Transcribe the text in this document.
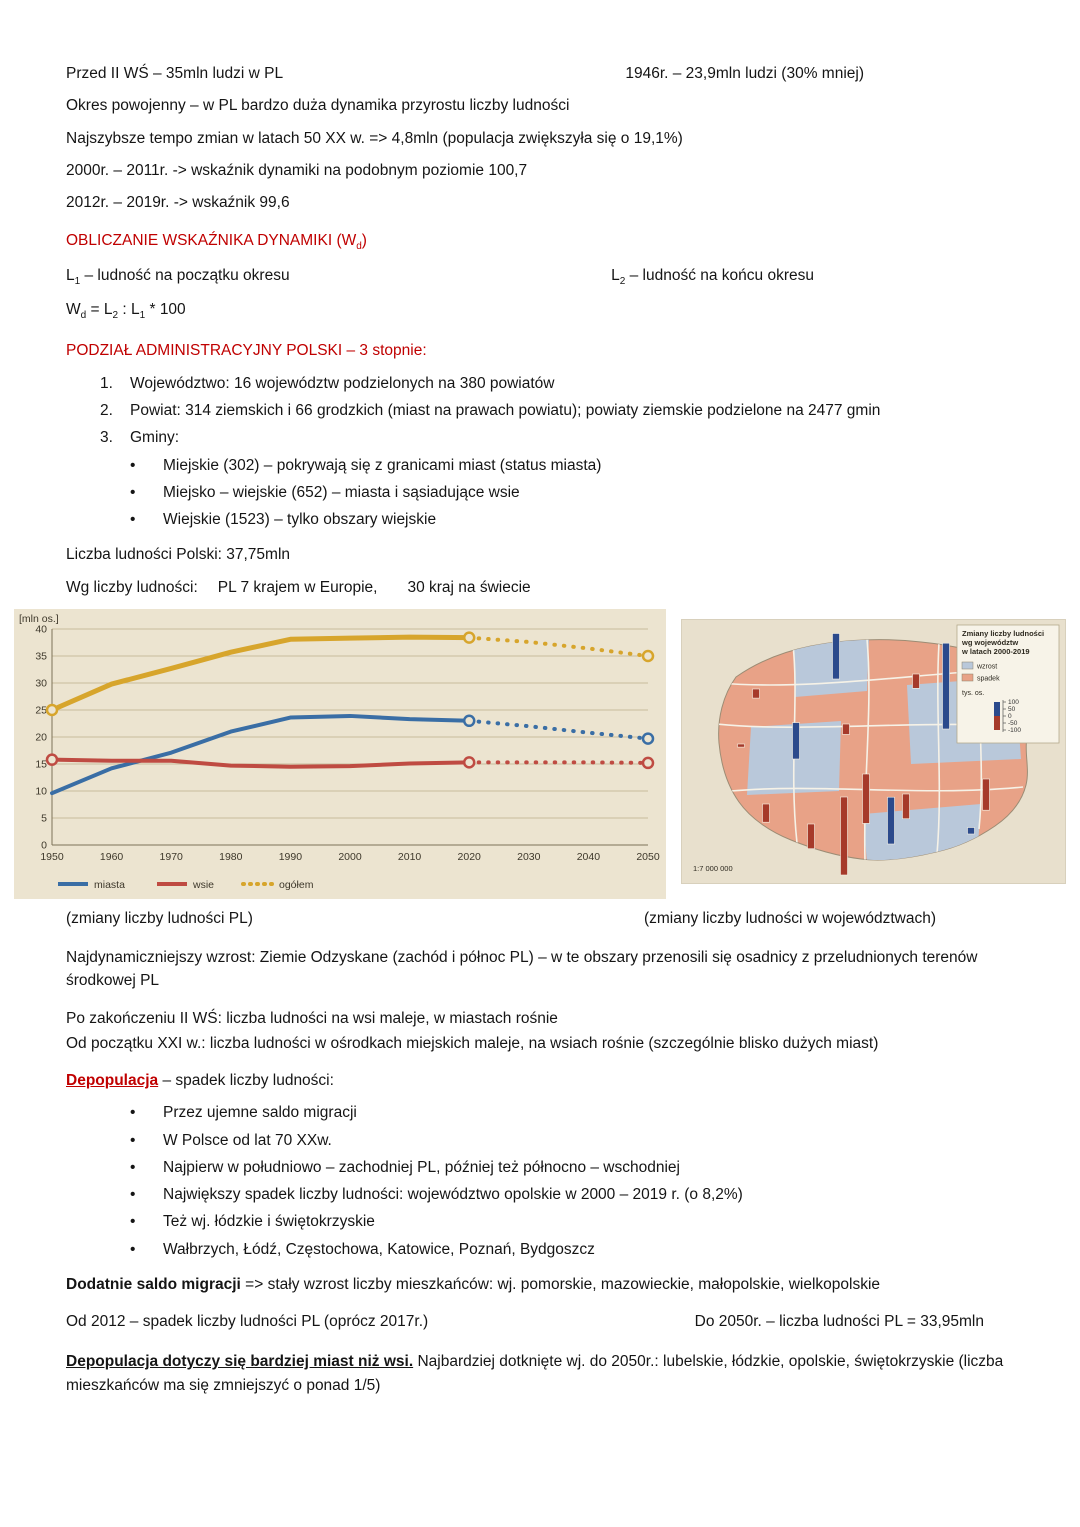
Przed II WŚ – 35mln ludzi w PL	1946r. – 23,9mln ludzi (30% mniej)
Okres powojenny – w PL bardzo duża dynamika przyrostu liczby ludności
Najszybsze tempo zmian w latach 50 XX w. => 4,8mln (populacja zwiększyła się o 19,1%)
2000r. – 2011r. -> wskaźnik dynamiki na podobnym poziomie 100,7
2012r. – 2019r. -> wskaźnik 99,6
OBLICZANIE WSKAŹNIKA DYNAMIKI $(W_d)$
$L_1$ – ludność na początku okresu	$L_2$ – ludność na końcu okresu
$W_d = L_2$ : $L_1 * 100$
PODZIAŁ ADMINISTRACYJNY POLSKI – 3 stopnie:
1.	Województwo: 16 województw podzielonych na 380 powiatów
2.	Powiat: 314 ziemskich i 66 grodzkich (miast na prawach powiatu); powiaty ziemskie podzielone na 2477 gmin
3.	Gminy:
•	Miejskie (302) – pokrywają się z granicami miast (status miasta)
•	Miejsko – wiejskie (652) – miasta i sąsiadujące wsie
•	Wiejskie (1523) – tylko obszary wiejskie
Liczba ludności Polski: 37,75mln
Wg liczby ludności: PL 7 krajem w Europie, 30 kraj na świecie
0
5
10
15
20
25
30
35
40
1950	1960	1970	1980	1990	2000	2010	2020	2030	2040	2050
[mln os.]
miasta	wsie	ogółem
Zmiany liczby ludności
wg województw
w latach 2000-2019
wzrost
spadek
tys. os.
100
50
0
-50
-100
1:7 000 000
(zmiany liczby ludności PL)	(zmiany liczby ludności w województwach)
Najdynamiczniejszy wzrost: Ziemie Odzyskane (zachód i północ PL) – w te obszary przenosili się osadnicy z przeludnionych terenów środkowej PL
Po zakończeniu II WŚ: liczba ludności na wsi maleje, w miastach rośnie
Od początku XXI w.: liczba ludności w ośrodkach miejskich maleje, na wsiach rośnie (szczególnie blisko dużych miast)
Depopulacja – spadek liczby ludności:
•	Przez ujemne saldo migracji
•	W Polsce od lat 70 XXw.
•	Najpierw w południowo – zachodniej PL, później też północno – wschodniej
•	Największy spadek liczby ludności: województwo opolskie w 2000 – 2019 r. (o 8,2%)
•	Też wj. łódzkie i świętokrzyskie
•	Wałbrzych, Łódź, Częstochowa, Katowice, Poznań, Bydgoszcz
Dodatnie saldo migracji => stały wzrost liczby mieszkańców: wj. pomorskie, mazowieckie, małopolskie, wielkopolskie
Od 2012 – spadek liczby ludności PL (oprócz 2017r.)	Do 2050r. – liczba ludności PL = 33,95mln
Depopulacja dotyczy się bardziej miast niż wsi. Najbardziej dotknięte wj. do 2050r.: lubelskie, łódzkie, opolskie, świętokrzyskie (liczba mieszkańców ma się zmniejszyć o ponad 1/5)
